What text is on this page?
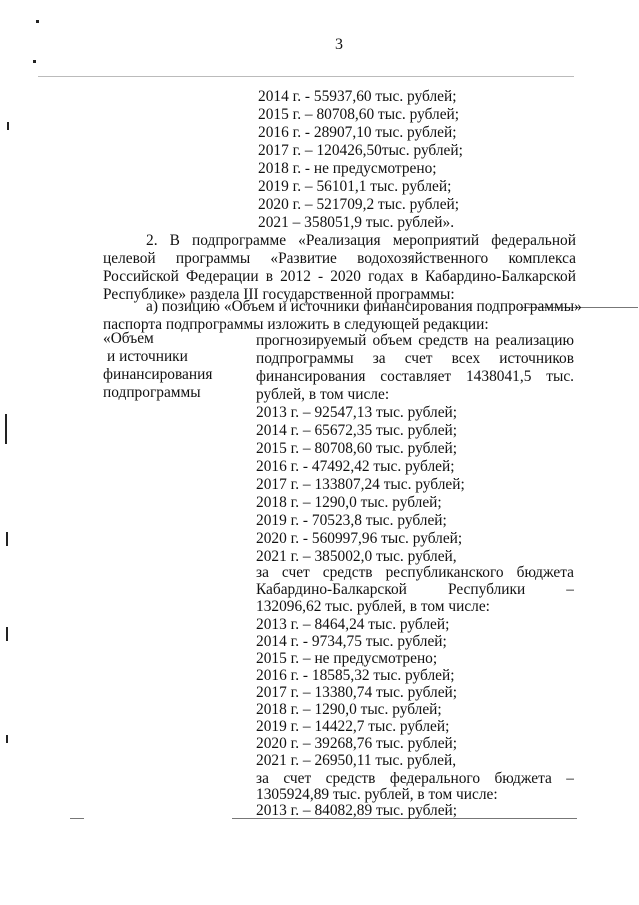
3
2014 г. - 55937,60 тыс. рублей;
2015 г. – 80708,60 тыс. рублей;
2016 г. - 28907,10 тыс. рублей;
2017 г. – 120426,50тыс. рублей;
2018 г. - не предусмотрено;
2019 г. – 56101,1 тыс. рублей;
2020 г. – 521709,2 тыс. рублей;
2021 – 358051,9 тыс. рублей».
2. В подпрограмме «Реализация мероприятий федеральной
целевой программы «Развитие водохозяйственного комплекса
Российской Федерации в 2012 - 2020 годах в Кабардино-Балкарской
Республике» раздела III государственной программы:
а) позицию «Объем и источники финансирования подпрограммы»
паспорта подпрограммы изложить в следующей редакции:
«Объем
и источники
финансирования
подпрограммы
прогнозируемый объем средств на реализацию
подпрограммы за счет всех источников
финансирования составляет 1438041,5 тыс.
рублей, в том числе:
2013 г. – 92547,13 тыс. рублей;
2014 г. – 65672,35 тыс. рублей;
2015 г. – 80708,60 тыс. рублей;
2016 г. - 47492,42 тыс. рублей;
2017 г. – 133807,24 тыс. рублей;
2018 г. – 1290,0 тыс. рублей;
2019 г. - 70523,8 тыс. рублей;
2020 г. - 560997,96 тыс. рублей;
2021 г. – 385002,0 тыс. рублей,
за счет средств республиканского бюджета
Кабардино-Балкарской Республики –
132096,62 тыс. рублей, в том числе:
2013 г. – 8464,24 тыс. рублей;
2014 г. - 9734,75 тыс. рублей;
2015 г. – не предусмотрено;
2016 г. - 18585,32 тыс. рублей;
2017 г. – 13380,74 тыс. рублей;
2018 г. – 1290,0 тыс. рублей;
2019 г. – 14422,7 тыс. рублей;
2020 г. – 39268,76 тыс. рублей;
2021 г. – 26950,11 тыс. рублей,
за счет средств федерального бюджета –
1305924,89 тыс. рублей, в том числе:
2013 г. – 84082,89 тыс. рублей;
